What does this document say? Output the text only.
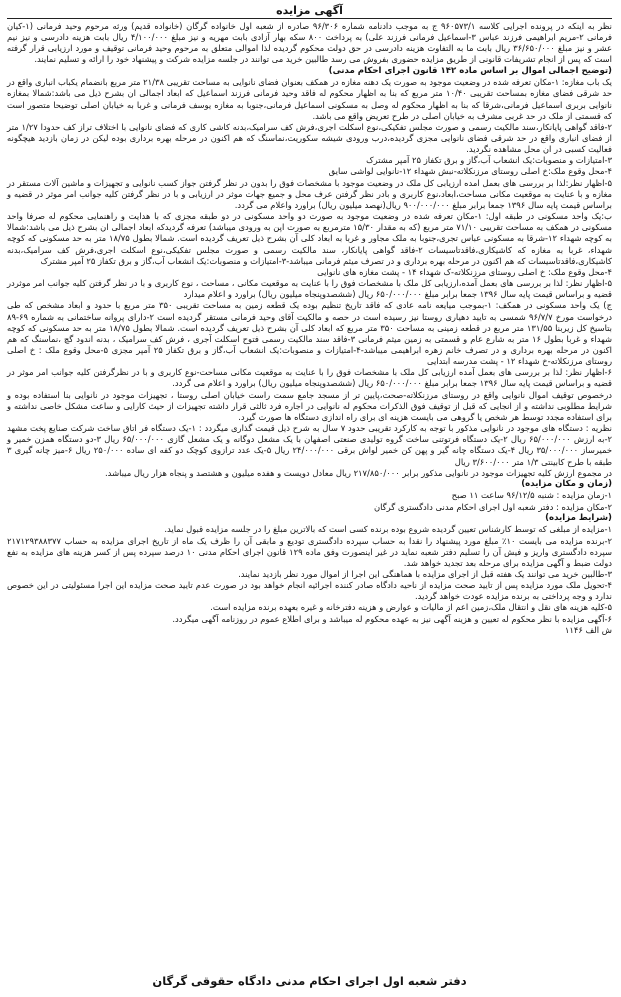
آگهی مزایده

نظر به اینکه در پرونده اجرایی کلاسه ۹۶۰۵۷۳/۱ ج به موجب دادنامه شماره ۹۶/۳۰۶ صادره از شعبه اول خانواده گرگان (خانواده قدیم) ورثه مرحوم وحید فرمانی (۱-کیان فرمانی ۲-مریم ابراهیمی فرزند عباس ۳-اسماعیل فرمانی فرزند علی) به پرداخت ۸۰۰ سکه بهار آزادی بابت مهریه و نیز مبلغ ۴/۱۰۰/۰۰۰ ریال بابت هزینه دادرسی و نیز نیم عشر و نیز مبلغ ۳۶/۶۵۰/۰۰۰ ریال بابت ما به التفاوت هزینه دادرسی در حق دولت محکوم گردیده لذا اموالی متعلق به مرحوم وحید فرمانی توقیف و مورد ارزیابی قرار گرفته است که پس از انجام تشریفات قانونی از طریق مزایده حضوری بفروش می رسد طالبین خرید می توانند در جلسه مزایده شرکت و پیشنهاد خود را ارائه و تسلیم نمایند.

(توضیح اجمالی اموال بر اساس ماده ۱۴۲ قانون اجرای احکام مدنی)

یک باب مغازه: ۱-مکان تعرفه شده در وضعیت موجود به صورت یک دهنه مغازه در همکف بعنوان فضای نانوایی به مساحت تقریبی ۲۱/۳۸ متر مربع بانضمام یکباب انباری واقع در حد شرقی فضای مغازه بمساحت تقریبی ۱۰/۴۰ متر مربع که بنا به اظهار محکوم له فاقد وحید فرمانی فرزند اسماعیل که ابعاد اجمالی ان بشرح ذیل می باشد:شمالا بمغازه نانوایی بربری اسماعیل فرمانی،شرقا که بنا به اظهار محکوم له وصل به مسکونی اسماعیل فرمانی،جنوبا به مغازه یوسف فرمانی و غربا به خیابان اصلی توضیحا متصور است که قسمتی از ملک در حد غربی مشرف به خیابان اصلی در طرح تعریض واقع می باشد.

۲-فاقد گواهی پایانکار،سند مالکیت رسمی و صورت مجلس تفکیکی،نوع اسکلت اجری،فرش کف سرامیک،بدنه کاشی کاری که فضای نانوایی با اختلاف تراز کف حدودا ۱/۲۷ متر از فضای انباری واقع در حد شرقی فضای نانوایی مجزی گردیده،درب ورودی شیشه سکوریت،نماسنگ که هم اکنون در مرحله بهره برداری بوده لیکن در زمان بازدید هیچگونه فعالیت کسبی در ان محل مشاهده نگردید.

۳-امتیازات و منصوبات:یک انشعاب آب،گاز و برق تکفاز ۲۵ آمپر مشترک

۴-محل وقوع ملک:خ اصلی روستای مرزنکلاته-نبش شهداء ۱۲-نانوایی لواشی سایق

۵-اظهار نظر:لذا بر بررسی های بعمل امده ارزیابی کل ملک در وضعیت موجود با مشخصات فوق را بدون در نظر گرفتن جواز کسب نانوایی و تجهیزات و ماشین آلات مستقر در مغازه و با عنایت به موقعیت مکانی مساحت،ابعاد،نوع کاربری و بادر نظر گرفتن عرف محل و جمیع جهات موثر در ارزیابی و با در نظر گرفتن کلیه جوانب امر موثر در قضیه و براساس قیمت پایه سال ۱۳۹۶ جمعا برابر مبلغ ۹۰۰/۰۰۰/۰۰۰ ریال(نهصد میلیون ریال) براورد واعلام می گردد.

ب:یک واحد مسکونی در طبقه اول: ۱-مکان تعرفه شده در وضعیت موجود به صورت دو واحد مسکونی در دو طبقه مجزی که با هدایت و راهنمایی محکوم له صرفا واحد مسکونی در همکف به مساحت تقریبی ۷۱/۱۰ متر مربع (که به مقدار ۱۵/۳۰ مترمربع به صورت اپن به ورودی میباشد) تعرفه گردیدکه ابعاد اجمالی ان بشرح ذیل می باشد:شمالا به کوچه شهداء ۱۲-شرقا به مسکونی عباس تجری،جنوبا به ملک مجاور و غربا به ابعاد کلی آن بشرح ذیل تعریف گردیده است. شمالا بطول ۱۸/۷۵ متر به حد مسکونی که کوچه شهداء، غربا به مغازه که کاشیکاری،فاقدتاسیسات ۲-فاقد گواهی پایانکار، سند مالکیت رسمی و صورت مجلس تفکیکی،نوع اسکلت اجری،فرش کف سرامیک،بدنه کاشیکاری،فاقدتاسیسات که هم اکنون در مرحله بهره برداری و در تصرف میثم فرمانی میباشد-۳-امتیازات و منصوبات:یک انشعاب آب،گاز و برق تکفاز ۲۵ آمپر مشترک

۴-محل وقوع ملک: خ اصلی روستای مرزنکلاته-ک شهداء ۱۴ - پشت مغازه های نانوایی

۵-اظهار نظر: لذا بر بررسی های بعمل آمده،ارزیابی کل ملک با مشخصات فوق را با عنایت به موقعیت مکانی ، مساحت ، نوع کاربری و با در نظر گرفتن کلیه جوانب امر موثردر قضیه و براساس قیمت پایه سال ۱۳۹۶ جمعا برابر مبلغ ۶۵۰/۰۰۰/۰۰۰ ریال (ششصدوپنجاه میلیون ریال) براورد و اعلام میدارد

ج) یک واحد مسکونی در همکف: ۱-بموجب میایعه نامه عادی که فاقد تاریخ تنظیم بوده یک قطعه زمین به مساحت تقریبی ۳۵۰ متر مربع با حدود و ابعاد مشخص که طی درخواست مورخ ۹۶/۷/۷ شمسی به تایید دهیاری روستا نیز رسیده است در حصه و مالکیت آقای وحید فرمانی مستقر گردیده است ۲-دارای پروانه ساختمانی به شماره ۶۹-۸۹ بتاسیخ کل زیربنا ۱۳۱/۵۵ متر مربع در قطعه زمینی به مساحت ۳۵۰ متر مربع که ابعاد کلی آن بشرح ذیل تعریف گردیده است. شمالا بطول ۱۸/۷۵ متر به حد مسکونی که کوچه شهداء و غربا بطول ۱۶ متر به شارع عام و قسمتی به زمین میثم فرمانی ۳-فاقد سند مالکیت رسمی فتوح اسکلت آجری ، فرش کف سرامیک ، بدنه اندود گچ ،نماسنگ که هم اکنون در مرحله بهره برداری و در تصرف خانم زهره ابراهیمی میباشد-۴-امتیازات و منصوبات:یک انشعاب آب،گاز و برق تکفاز ۲۵ آمپر مجزی ۵-محل وقوع ملک : خ اصلی روستای مرزنکلاته-خ شهداء ۱۲ - پشت مدرسه ابتدایی

۶-اظهار نظر: لذا بر بررسی های بعمل آمده ارزیابی کل ملک با مشخصات فوق را با عنایت به موقعیت مکانی مساحت-نوع کاربری و با در نظرگرفتن کلیه جوانب امر موثر در قضیه و براساس قیمت پایه سال ۱۳۹۶ جمعا برابر مبلغ ۶۵۰/۰۰۰/۰۰۰ ریال (ششصدوپنجاه میلیون ریال) براورد و اعلام می گردد.

درخصوص توقیف اموال نانوایی واقع در روستای مرزنکلاته-صحت،پایین تر از مسجد جامع سمت راست خیابان اصلی روستا ، تجهیزات موجود در نانوایی بنا استفاده بوده و شرایط مطلوبی نداشته و از انجایی که قبل از توقیف فوق الذکرات محکوم له نانوایی در اجاره فرد ثالثی قرار داشته تجهیزات از حیث کارایی و ساعت مشکل خاصی نداشته و برای استفاده مجدد توسط هر شخص یا گروهی می بایست هزینه ای برای راه اندازی دستگاه ها صورت گیرد.

نظریه : دستگاه های موجود در نانوایی مذکور با توجه به کارکرد تقریبی حدود ۷ سال به شرح ذیل قیمت گذاری میگردد : ۱-یک دستگاه فر اتاق ساخت شرکت صنایع پخت مشهد ۲-به ارزش ۶۵/۰۰۰/۰۰۰ ریال ۲-یک دستگاه فرتوتنی ساخت گروه تولیدی صنعتی اصفهان با یک مشعل دوگانه و یک مشعل گازی ۶۵/۰۰۰/۰۰۰ ریال ۳-دو دستگاه همزن خمیر و خمیرساز ۳۵/۰۰۰/۰۰۰ ریال ۴-یک دستگاه چانه گیر و پهن کن خمیر لواش برقی ۲۴/۰۰۰/۰۰۰ ریال ۵-یک عدد ترازوی کوچک دو کفه ای ساده ۲۵۰/۰۰۰ ریال ۶-میز چانه گیری ۳ طبقه با طرح کابینتی ۱/۳ متر ۳/۶۰۰/۰۰۰ ریال

در مجموع ارزش کلیه تجهیزات موجود در نانوایی مذکور برابر ۲۱۷/۸۵۰/۰۰۰ ریال معادل دویست و هفده میلیون و هشتصد و پنجاه هزار ریال میباشد.

(زمان و مکان مزایده)

۱-زمان مزایده : شنبه ۹۶/۱۲/۵ ساعت ۱۱ صبح

۲-مکان مزایده : دفتر شعبه اول اجرای احکام مدنی دادگستری گرگان

(شرایط مزایده)

۱-مزایده از مبلغی که توسط کارشناس تعیین گردیده شروع بوده برنده کسی است که بالاترین مبلغ را در جلسه مزایده قبول نماید.

۲-برنده مزایده می بایست ۱۰٪ مبلغ مورد پیشنهاد را نقدا به حساب سپرده دادگستری تودیع و مابقی آن را ظرف یک ماه از تاریخ اجرای مزایده به حساب ۲۱۷۱۲۹۳۸۸۳۷۷ سپرده دادگستری واریز و فیش آن را تسلیم دفتر شعبه نماید در غیر اینصورت وفق ماده ۱۲۹ قانون اجرای احکام مدنی ۱۰ درصد سپرده پس از کسر هزینه های مزایده به نفع دولت ضبط و آگهی مزایده برای مرحله بعد تجدید خواهد شد.

۳-طالبین خرید می توانند یک هفته قبل از اجرای مزایده با هماهنگی این اجرا از اموال مورد نظر بازدید نمایند.

۴-تحویل ملک مورد مزایده پس از تایید صحت مزایده از ناحیه دادگاه صادر کننده اجرائیه انجام خواهد بود در صورت عدم تایید صحت مزایده این اجرا مسئولیتی در این خصوص ندارد و وجه پرداختی به برنده مزایده عودت خواهد گردید.

۵-کلیه هزینه های نقل و انتقال ملک،زمین اعم از مالیات و عوارض و هزینه دفترخانه و غیره بعهده برنده مزایده است.

۶-آگهی مزایده با نظر محکوم له تعیین و هزینه آگهی نیز به عهده محکوم له میباشد و برای اطلاع عموم در روزنامه آگهی میگردد.

ش الف ۱۱۴۶

دفتر شعبه اول اجرای احکام مدنی دادگاه حقوقی گرگان
